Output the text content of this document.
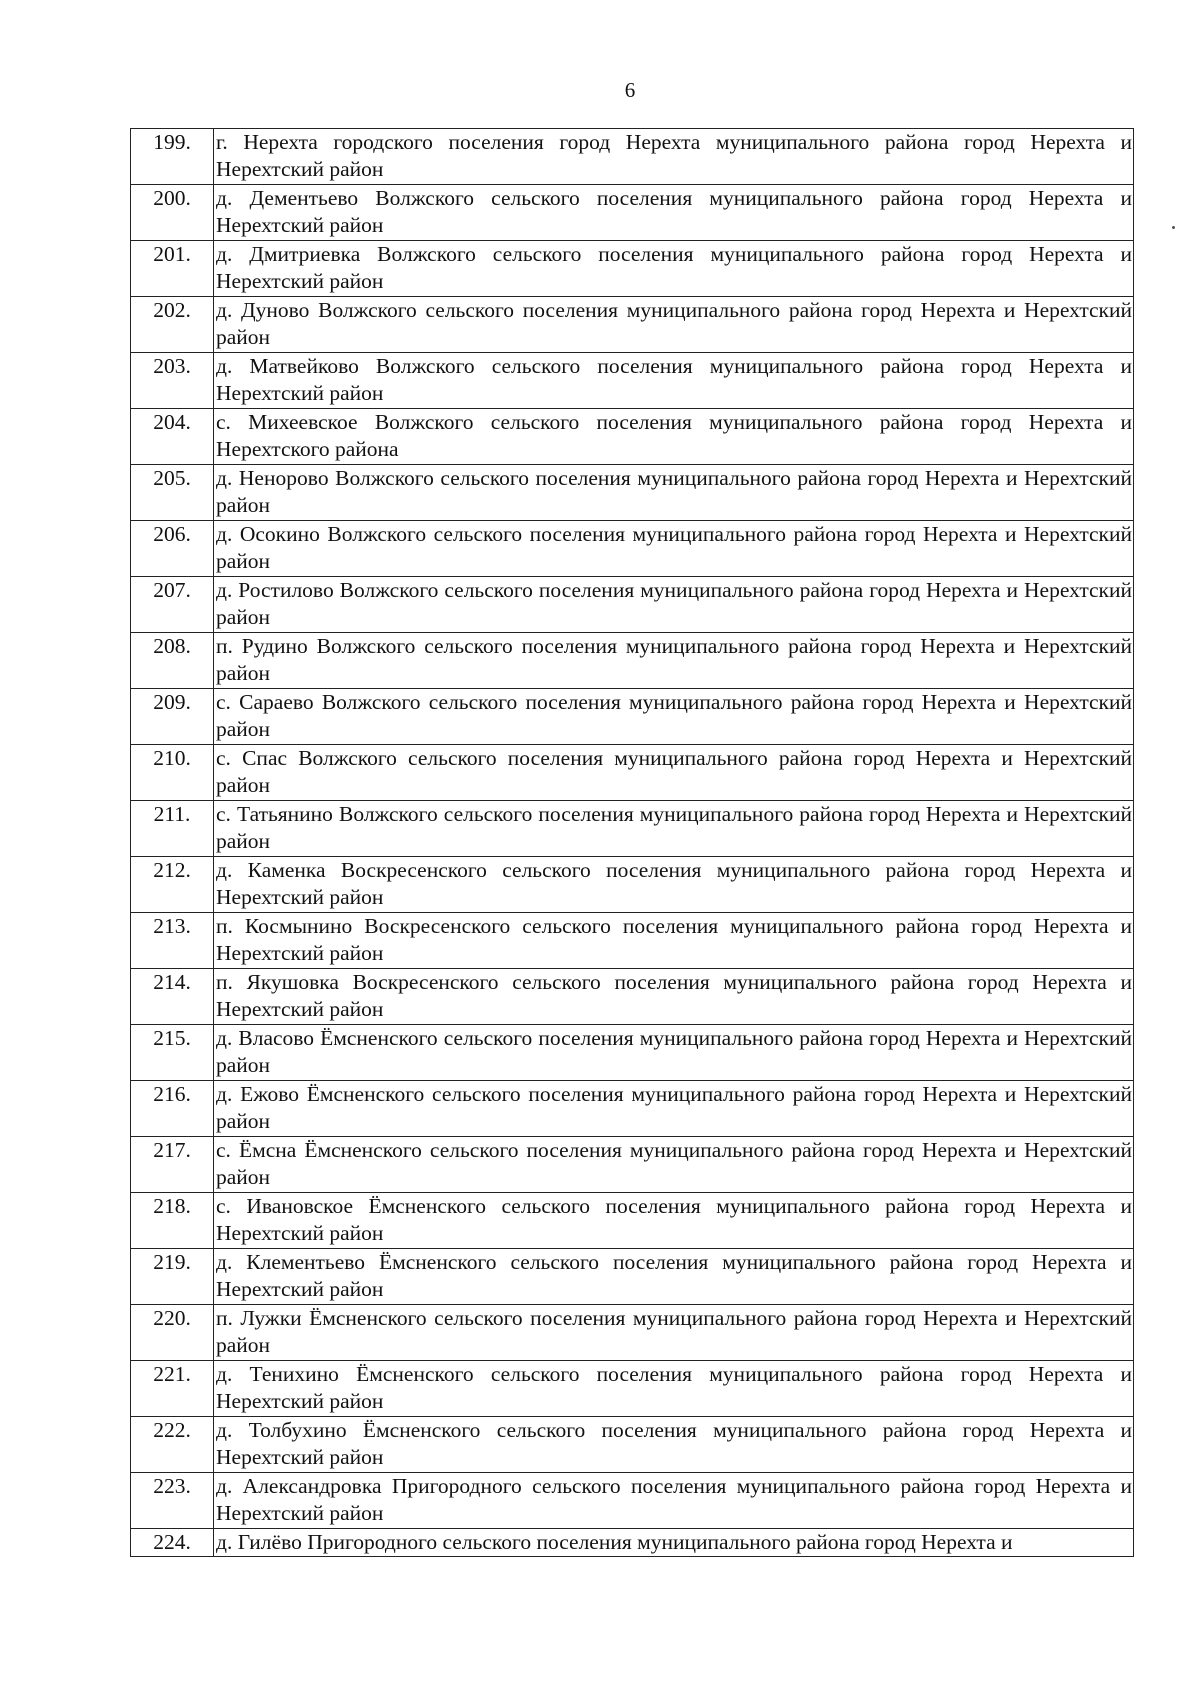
6
199.	г. Нерехта городского поселения город Нерехта муниципального района город Нерехта и Нерехтский район
200.	д. Дементьево Волжского сельского поселения муниципального района город Нерехта и Нерехтский район
201.	д. Дмитриевка Волжского сельского поселения муниципального района город Нерехта и Нерехтский район
202.	д. Дуново Волжского сельского поселения муниципального района город Нерехта и Нерехтский район
203.	д. Матвейково Волжского сельского поселения муниципального района город Нерехта и Нерехтский район
204.	с. Михеевское Волжского сельского поселения муниципального района город Нерехта и Нерехтского района
205.	д. Неноровo Волжского сельского поселения муниципального района город Нерехта и Нерехтский район
206.	д. Осокино Волжского сельского поселения муниципального района город Нерехта и Нерехтский район
207.	д. Ростилово Волжского сельского поселения муниципального района город Нерехта и Нерехтский район
208.	п. Рудино Волжского сельского поселения муниципального района город Нерехта и Нерехтский район
209.	с. Сараево Волжского сельского поселения муниципального района город Нерехта и Нерехтский район
210.	с. Спас Волжского сельского поселения муниципального района город Нерехта и Нерехтский район
211.	с. Татьянино Волжского сельского поселения муниципального района город Нерехта и Нерехтский район
212.	д. Каменка Воскресенского сельского поселения муниципального района город Нерехта и Нерехтский район
213.	п. Космынино Воскресенского сельского поселения муниципального района город Нерехта и Нерехтский район
214.	п. Якушовка Воскресенского сельского поселения муниципального района город Нерехта и Нерехтский район
215.	д. Власово Ёмсненского сельского поселения муниципального района город Нерехта и Нерехтский район
216.	д. Ежово Ёмсненского сельского поселения муниципального района город Нерехта и Нерехтский район
217.	с. Ёмсна Ёмсненского сельского поселения муниципального района город Нерехта и Нерехтский район
218.	с. Ивановское Ёмсненского сельского поселения муниципального района город Нерехта и Нерехтский район
219.	д. Клементьево Ёмсненского сельского поселения муниципального района город Нерехта и Нерехтский район
220.	п. Лужки Ёмсненского сельского поселения муниципального района город Нерехта и Нерехтский район
221.	д. Тенихино Ёмсненского сельского поселения муниципального района город Нерехта и Нерехтский район
222.	д. Толбухино Ёмсненского сельского поселения муниципального района город Нерехта и Нерехтский район
223.	д. Александровка Пригородного сельского поселения муниципального района город Нерехта и Нерехтский район
224.	д. Гилёво Пригородного сельского поселения муниципального района город Нерехта и
